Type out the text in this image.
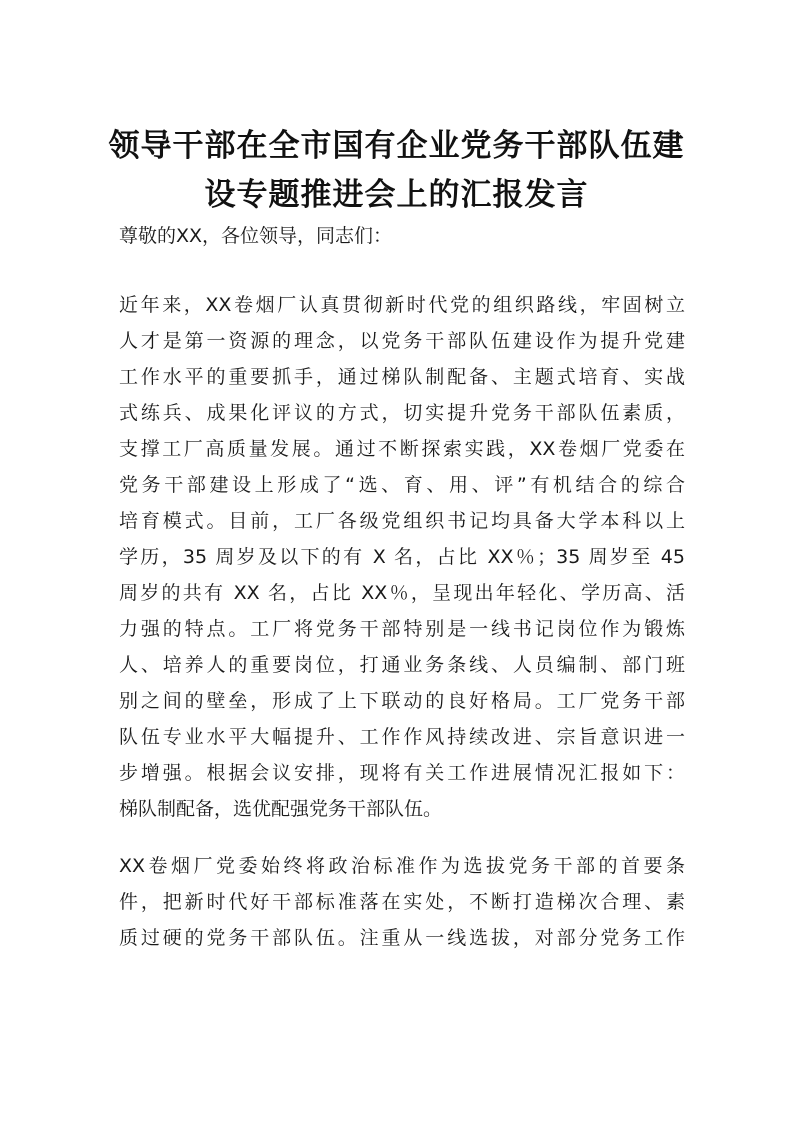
领导干部在全市国有企业党务干部队伍建
设专题推进会上的汇报发言
尊敬的XX，各位领导，同志们：
近年来，XX卷烟厂认真贯彻新时代党的组织路线，牢固树立
人才是第一资源的理念，以党务干部队伍建设作为提升党建
工作水平的重要抓手，通过梯队制配备、主题式培育、实战
式练兵、成果化评议的方式，切实提升党务干部队伍素质，
支撑工厂高质量发展。通过不断探索实践，XX卷烟厂党委在
党务干部建设上形成了“选、育、用、评”有机结合的综合
培育模式。目前，工厂各级党组织书记均具备大学本科以上
学历，35 周岁及以下的有 X 名，占比 XX％；35 周岁至 45
周岁的共有 XX 名，占比 XX％，呈现出年轻化、学历高、活
力强的特点。工厂将党务干部特别是一线书记岗位作为锻炼
人、培养人的重要岗位，打通业务条线、人员编制、部门班
别之间的壁垒，形成了上下联动的良好格局。工厂党务干部
队伍专业水平大幅提升、工作作风持续改进、宗旨意识进一
步增强。根据会议安排，现将有关工作进展情况汇报如下：
梯队制配备，选优配强党务干部队伍。
XX卷烟厂党委始终将政治标准作为选拔党务干部的首要条
件，把新时代好干部标准落在实处，不断打造梯次合理、素
质过硬的党务干部队伍。注重从一线选拔，对部分党务工作
